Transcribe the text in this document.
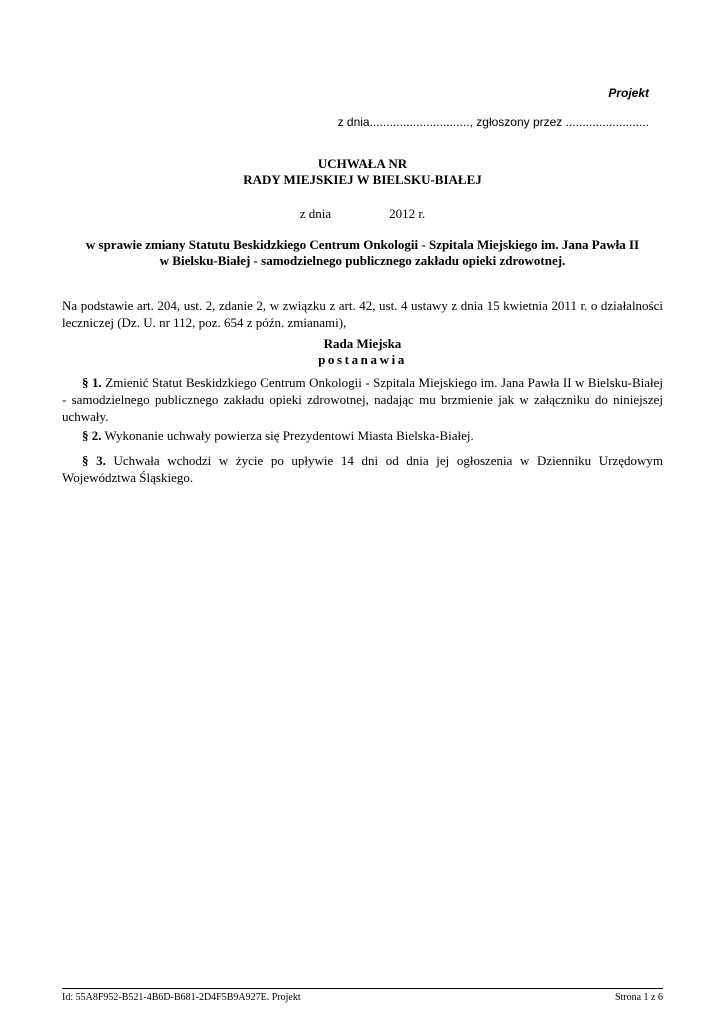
Projekt
z dnia.............................., zgłoszony przez .........................
UCHWAŁA NR
RADY MIEJSKIEJ W BIELSKU-BIAŁEJ
z dnia	2012 r.
w sprawie zmiany Statutu Beskidzkiego Centrum Onkologii - Szpitala Miejskiego im. Jana Pawła II
w Bielsku-Białej - samodzielnego publicznego zakładu opieki zdrowotnej.
Na podstawie art. 204, ust. 2, zdanie 2, w związku z art. 42, ust. 4 ustawy z dnia 15 kwietnia 2011 r. o działalności leczniczej (Dz. U. nr 112, poz. 654 z późn. zmianami),
Rada Miejska
postanawia
§ 1. Zmienić Statut Beskidzkiego Centrum Onkologii - Szpitala Miejskiego im. Jana Pawła II w Bielsku-Białej - samodzielnego publicznego zakładu opieki zdrowotnej, nadając mu brzmienie jak w załączniku do niniejszej uchwały.
§ 2. Wykonanie uchwały powierza się Prezydentowi Miasta Bielska-Białej.
§ 3. Uchwała wchodzi w życie po upływie 14 dni od dnia jej ogłoszenia w Dzienniku Urzędowym Województwa Śląskiego.
Id: 55A8F952-B521-4B6D-B681-2D4F5B9A927E. Projekt	Strona 1 z 6
